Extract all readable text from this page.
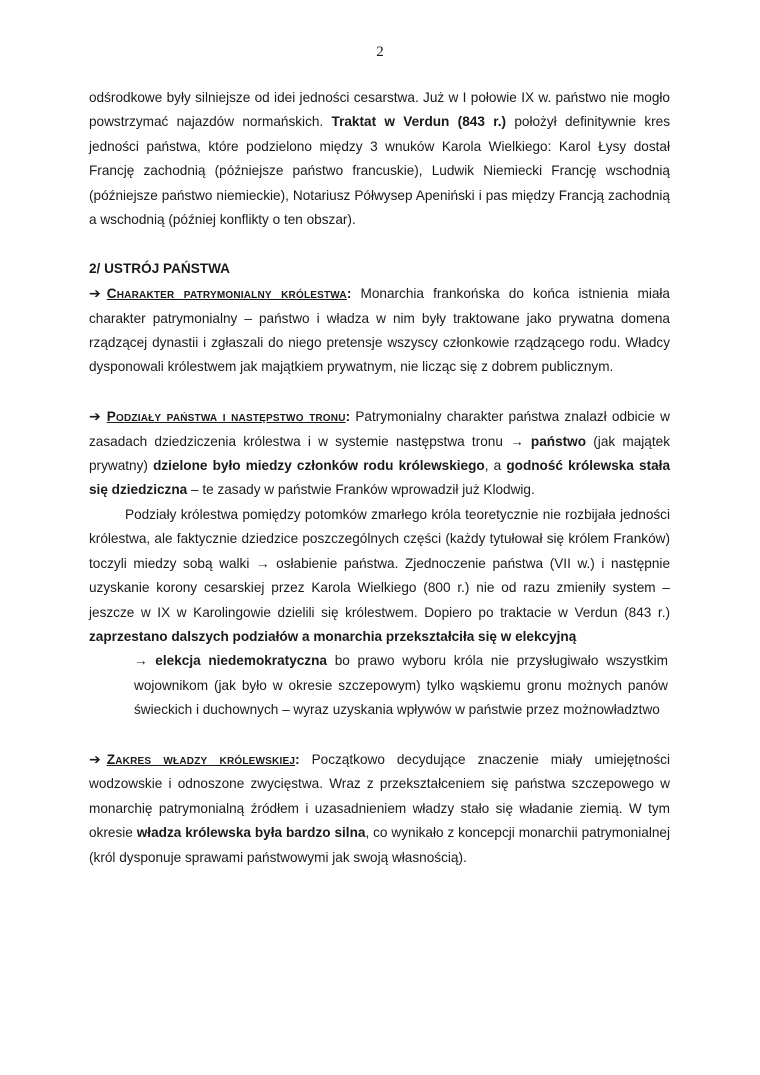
2

odśrodkowe były silniejsze od idei jedności cesarstwa. Już w I połowie IX w. państwo nie mogło powstrzymać najazdów normańskich. Traktat w Verdun (843 r.) położył definitywnie kres jedności państwa, które podzielono między 3 wnuków Karola Wielkiego: Karol Łysy dostał Francję zachodnią (późniejsze państwo francuskie), Ludwik Niemiecki Francję wschodnią (późniejsze państwo niemieckie), Notariusz Półwysep Apeniński i pas między Francją zachodnią a wschodnią (później konflikty o ten obszar).

2/ USTRÓJ PAŃSTWA

➔ Charakter patrymonialny królestwa: Monarchia frankońska do końca istnienia miała charakter patrymonialny – państwo i władza w nim były traktowane jako prywatna domena rządzącej dynastii i zgłaszali do niego pretensje wszyscy członkowie rządzącego rodu. Władcy dysponowali królestwem jak majątkiem prywatnym, nie licząc się z dobrem publicznym.

➔ Podziały państwa i następstwo tronu: Patrymonialny charakter państwa znalazł odbicie w zasadach dziedziczenia królestwa i w systemie następstwa tronu → państwo (jak majątek prywatny) dzielone było miedzy członków rodu królewskiego, a godność królewska stała się dziedziczna – te zasady w państwie Franków wprowadził już Klodwig.

Podziały królestwa pomiędzy potomków zmarłego króla teoretycznie nie rozbijała jedności królestwa, ale faktycznie dziedzice poszczególnych części (każdy tytułował się królem Franków) toczyli miedzy sobą walki → osłabienie państwa. Zjednoczenie państwa (VII w.) i następnie uzyskanie korony cesarskiej przez Karola Wielkiego (800 r.) nie od razu zmieniły system – jeszcze w IX w Karolingowie dzielili się królestwem. Dopiero po traktacie w Verdun (843 r.) zaprzestano dalszych podziałów a monarchia przekształciła się w elekcyjną

→ elekcja niedemokratyczna bo prawo wyboru króla nie przysługiwało wszystkim wojownikom (jak było w okresie szczepowym) tylko wąskiemu gronu możnych panów świeckich i duchownych – wyraz uzyskania wpływów w państwie przez możnowładztwo

➔ Zakres władzy królewskiej: Początkowo decydujące znaczenie miały umiejętności wodzowskie i odnoszone zwycięstwa. Wraz z przekształceniem się państwa szczepowego w monarchię patrymonialną źródłem i uzasadnieniem władzy stało się władanie ziemią. W tym okresie władza królewska była bardzo silna, co wynikało z koncepcji monarchii patrymonialnej (król dysponuje sprawami państwowymi jak swoją własnością).
